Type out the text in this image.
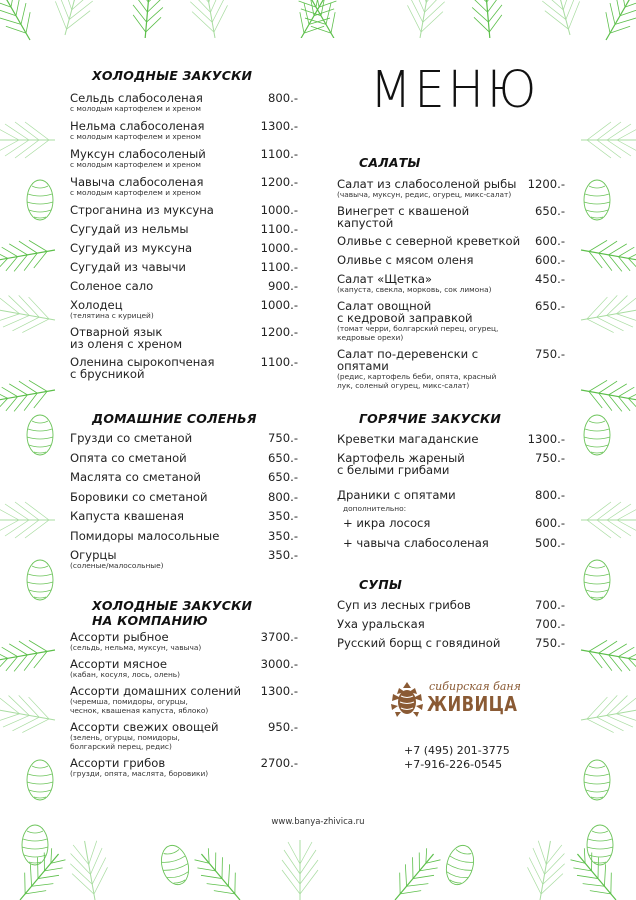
МЕНЮ
ХОЛОДНЫЕ ЗАКУСКИ
Сельдь слабосоленая
с молодым картофелем и хреном
800.-
Нельма слабосоленая
с молодым картофелем и хреном
1300.-
Муксун слабосоленый
с молодым картофелем и хреном
1100.-
Чавыча слабосоленая
с молодым картофелем и хреном
1200.-
Строганина из муксуна	1000.-
Сугудай из нельмы	1100.-
Сугудай из муксуна	1000.-
Сугудай из чавычи	1100.-
Соленое сало	900.-
Холодец
(телятина с курицей)
1000.-
Отварной язык
из оленя с хреном
1200.-
Оленина сырокопченая
с брусникой
1100.-
ДОМАШНИЕ СОЛЕНЬЯ
Грузди со сметаной	750.-
Опята со сметаной	650.-
Маслята со сметаной	650.-
Боровики со сметаной	800.-
Капуста квашеная	350.-
Помидоры малосольные	350.-
Огурцы
(соленые/малосольные)
350.-
ХОЛОДНЫЕ ЗАКУСКИ
НА КОМПАНИЮ
Ассорти рыбное
(сельдь, нельма, муксун, чавыча)
3700.-
Ассорти мясное
(кабан, косуля, лось, олень)
3000.-
Ассорти домашних солений
(черемша, помидоры, огурцы,
чеснок, квашеная капуста, яблоко)
1300.-
Ассорти свежих овощей
(зелень, огурцы, помидоры,
болгарский перец, редис)
950.-
Ассорти грибов
(грузди, опята, маслята, боровики)
2700.-
САЛАТЫ
Салат из слабосоленой рыбы
(чавыча, муксун, редис, огурец, микс-салат)
1200.-
Винегрет с квашеной
капустой
650.-
Оливье с северной креветкой	600.-
Оливье с мясом оленя	600.-
Салат «Щетка»
(капуста, свекла, морковь, сок лимона)
450.-
Салат овощной
с кедровой заправкой
(томат черри, болгарский перец, огурец,
кедровые орехи)
650.-
Салат по-деревенски с опятами
(редис, картофель беби, опята, красный
лук, соленый огурец, микс-салат)
750.-
ГОРЯЧИЕ ЗАКУСКИ
Креветки магаданские	1300.-
Картофель жареный
с белыми грибами
750.-
Драники с опятами	800.-
дополнительно:
+ икра лосося	600.-
+ чавыча слабосоленая	500.-
СУПЫ
Суп из лесных грибов	700.-
Уха уральская	700.-
Русский борщ с говядиной	750.-
сибирская баня
ЖИВИЦА
+7 (495) 201-3775
+7-916-226-0545
www.banya-zhivica.ru
